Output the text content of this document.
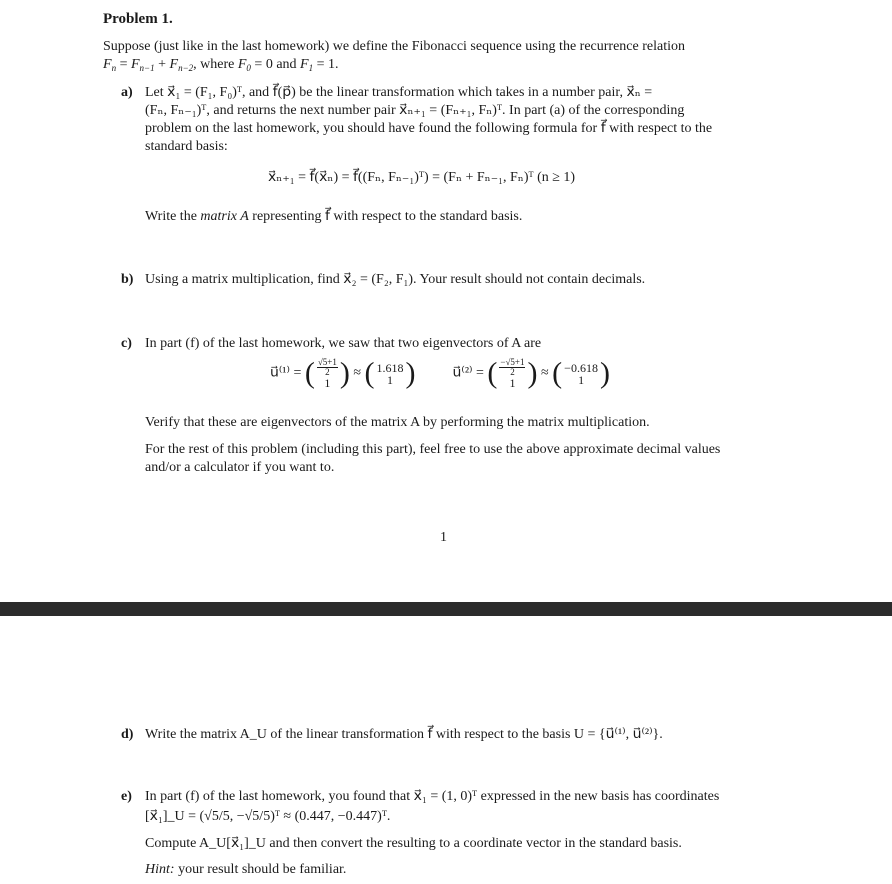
Problem 1.
Suppose (just like in the last homework) we define the Fibonacci sequence using the recurrence relation
$F_n = F_{n-1} + F_{n-2}$, where $F_0 = 0$ and $F_1 = 1$.
a) Let x⃗₁ = (F₁, F₀)ᵀ, and f⃗(p⃗) be the linear transformation which takes in a number pair, x⃗ₙ =
(Fₙ, Fₙ₋₁)ᵀ, and returns the next number pair x⃗ₙ₊₁ = (Fₙ₊₁, Fₙ)ᵀ. In part (a) of the corresponding
problem on the last homework, you should have found the following formula for f⃗ with respect to the
standard basis:
x⃗ₙ₊₁ = f⃗(x⃗ₙ) = f⃗((Fₙ, Fₙ₋₁)ᵀ) = (Fₙ + Fₙ₋₁, Fₙ)ᵀ (n ≥ 1)
Write the matrix A representing f⃗ with respect to the standard basis.
b) Using a matrix multiplication, find x⃗₂ = (F₂, F₁). Your result should not contain decimals.
c) In part (f) of the last homework, we saw that two eigenvectors of A are
u⃗⁽¹⁾ = ( √5+1
2
1 ) ≈ ( 1.618
1 )	u⃗⁽²⁾ = ( −√5+1
2
1 ) ≈ ( −0.618
1 )
Verify that these are eigenvectors of the matrix A by performing the matrix multiplication.
For the rest of this problem (including this part), feel free to use the above approximate decimal values
and/or a calculator if you want to.
1
d) Write the matrix A_U of the linear transformation f⃗ with respect to the basis U = {u⃗⁽¹⁾, u⃗⁽²⁾}.
e) In part (f) of the last homework, you found that x⃗₁ = (1, 0)ᵀ expressed in the new basis has coordinates
[x⃗₁]_U = (√5/5, −√5/5)ᵀ ≈ (0.447, −0.447)ᵀ.
Compute A_U[x⃗₁]_U and then convert the resulting to a coordinate vector in the standard basis.
Hint: your result should be familiar.
